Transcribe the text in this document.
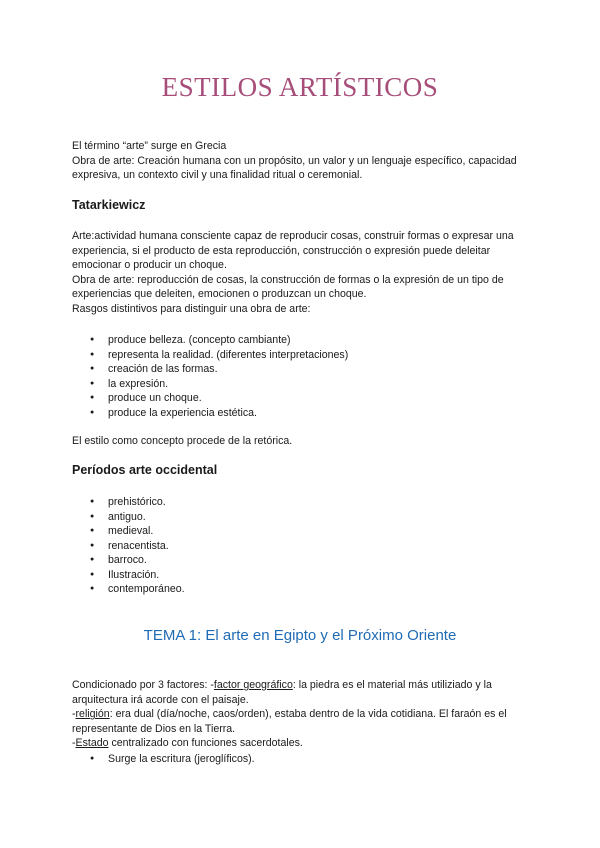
ESTILOS ARTÍSTICOS

El término “arte” surge en Grecia

Obra de arte: Creación humana con un propósito, un valor y un lenguaje específico, capacidad expresiva, un contexto civil y una finalidad ritual o ceremonial.

Tatarkiewicz

Arte:actividad humana consciente capaz de reproducir cosas, construir formas o expresar una experiencia, si el producto de esta reproducción, construcción o expresión puede deleitar emocionar o producir un choque.

Obra de arte: reproducción de cosas, la construcción de formas o la expresión de un tipo de experiencias que deleiten, emocionen o produzcan un choque.

Rasgos distintivos para distinguir una obra de arte:

● produce belleza. (concepto cambiante)
● representa la realidad. (diferentes interpretaciones)
● creación de las formas.
● la expresión.
● produce un choque.
● produce la experiencia estética.

El estilo como concepto procede de la retórica.

Períodos arte occidental
● prehistórico.
● antiguo.
● medieval.
● renacentista.
● barroco.
● Ilustración.
● contemporáneo.
TEMA 1: El arte en Egipto y el Próximo Oriente

Condicionado por 3 factores: -factor geográfico: la piedra es el material más utiliziado y la arquitectura irá acorde con el paisaje.

-religión: era dual (día/noche, caos/orden), estaba dentro de la vida cotidiana. El faraón es el representante de Dios en la Tierra.

-Estado centralizado con funciones sacerdotales.

● Surge la escritura (jeroglíficos).
